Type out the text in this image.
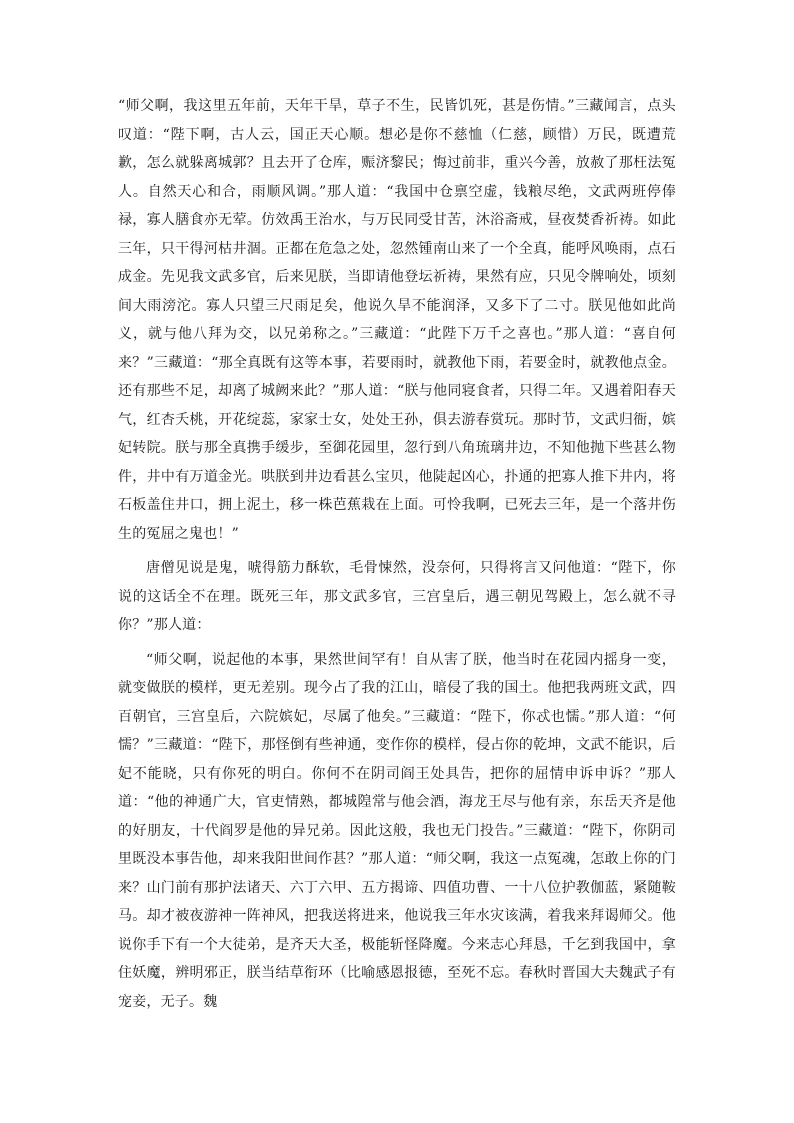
“师父啊，我这里五年前，天年干旱，草子不生，民皆饥死，甚是伤情。”三藏闻言，点头叹道：“陛下啊，古人云，国正天心顺。想必是你不慈恤（仁慈，顾惜）万民，既遭荒歉，怎么就躲离城郭？且去开了仓库，赈济黎民；悔过前非，重兴今善，放赦了那枉法冤人。自然天心和合，雨顺风调。”那人道：“我国中仓禀空虚，钱粮尽绝，文武两班停俸禄，寡人膳食亦无荤。仿效禹王治水，与万民同受甘苦，沐浴斋戒，昼夜焚香祈祷。如此三年，只干得河枯井涸。正都在危急之处，忽然锺南山来了一个全真，能呼风唤雨，点石成金。先见我文武多官，后来见朕，当即请他登坛祈祷，果然有应，只见令牌响处，顷刻间大雨滂沱。寡人只望三尺雨足矣，他说久旱不能润泽，又多下了二寸。朕见他如此尚义，就与他八拜为交，以兄弟称之。”三藏道：“此陛下万千之喜也。”那人道：“喜自何来？”三藏道：“那全真既有这等本事，若要雨时，就教他下雨，若要金时，就教他点金。还有那些不足，却离了城阙来此？”那人道：“朕与他同寝食者，只得二年。又遇着阳春天气，红杏夭桃，开花绽蕊，家家士女，处处王孙，俱去游春赏玩。那时节，文武归衙，嫔妃转院。朕与那全真携手缓步，至御花园里，忽行到八角琉璃井边，不知他抛下些甚么物件，井中有万道金光。哄朕到井边看甚么宝贝，他陡起凶心，扑通的把寡人推下井内，将石板盖住井口，拥上泥土，移一株芭蕉栽在上面。可怜我啊，已死去三年，是一个落井伤生的冤屈之鬼也！”

唐僧见说是鬼，唬得筋力酥软，毛骨悚然，没奈何，只得将言又问他道：“陛下，你说的这话全不在理。既死三年，那文武多官，三宫皇后，遇三朝见驾殿上，怎么就不寻你？”那人道：

“师父啊，说起他的本事，果然世间罕有！自从害了朕，他当时在花园内摇身一变，就变做朕的模样，更无差别。现今占了我的江山，暗侵了我的国土。他把我两班文武，四百朝官，三宫皇后，六院嫔妃，尽属了他矣。”三藏道：“陛下，你忒也懦。”那人道：“何懦？”三藏道：“陛下，那怪倒有些神通，变作你的模样，侵占你的乾坤，文武不能识，后妃不能晓，只有你死的明白。你何不在阴司阎王处具告，把你的屈情申诉申诉？”那人道：“他的神通广大，官吏情熟，都城隍常与他会酒，海龙王尽与他有亲，东岳天齐是他的好朋友，十代阎罗是他的异兄弟。因此这般，我也无门投告。”三藏道：“陛下，你阴司里既没本事告他，却来我阳世间作甚？”那人道：“师父啊，我这一点冤魂，怎敢上你的门来？山门前有那护法诸天、六丁六甲、五方揭谛、四值功曹、一十八位护教伽蓝，紧随鞍马。却才被夜游神一阵神风，把我送将进来，他说我三年水灾该满，着我来拜谒师父。他说你手下有一个大徒弟，是齐天大圣，极能斩怪降魔。今来志心拜恳，千乞到我国中，拿住妖魔，辨明邪正，朕当结草衔环（比喻感恩报德，至死不忘。春秋时晋国大夫魏武子有宠妾，无子。魏
